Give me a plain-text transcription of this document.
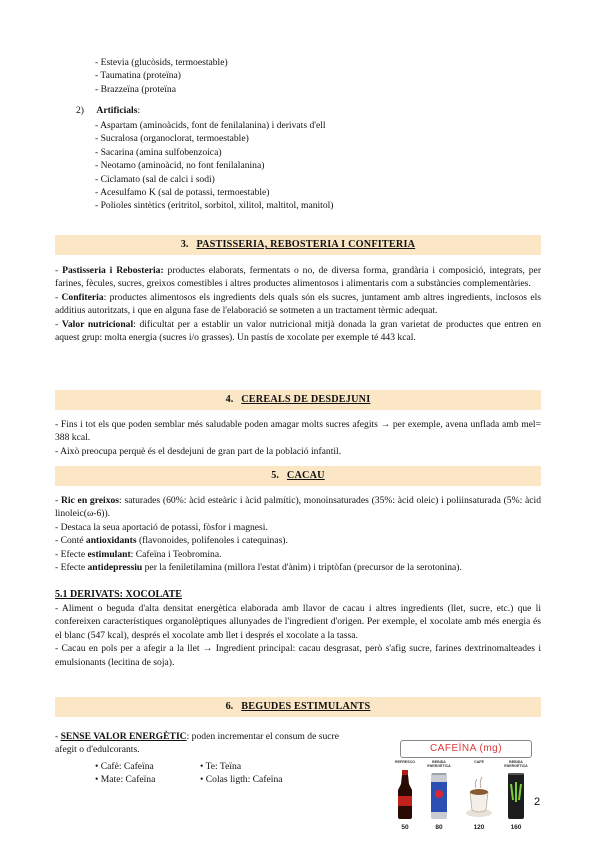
- Estevia (glucòsids, termoestable)
- Taumatina (proteïna)
- Brazzeïna (proteïna
2) Artificials:
- Aspartam (aminoàcids, font de fenilalanina) i derivats d'ell
- Sucralosa (organoclorat, termoestable)
- Sacarina (amina sulfobenzoica)
- Neotamo (aminoàcid, no font fenilalanina)
- Ciclamato (sal de calci i sodi)
- Acesulfamo K (sal de potassi, termoestable)
- Polioles sintètics (eritritol, sorbitol, xilitol, maltitol, manitol)
3. PASTISSERIA, REBOSTERIA I CONFITERIA

- Pastisseria i Rebosteria: productes elaborats, fermentats o no, de diversa forma, grandària i composició, integrats, per farines, fècules, sucres, greixos comestibles i altres productes alimentosos i alimentaris com a substàncies complementàries.

- Confiteria: productes alimentosos els ingredients dels quals són els sucres, juntament amb altres ingredients, inclosos els additius autoritzats, i que en alguna fase de l'elaboració se sotmeten a un tractament tèrmic adequat.

- Valor nutricional: dificultat per a establir un valor nutricional mitjà donada la gran varietat de productes que entren en aquest grup: molta energia (sucres i/o grasses). Un pastís de xocolate per exemple té 443 kcal.

4. CEREALS DE DESDEJUNI

- Fins i tot els que poden semblar més saludable poden amagar molts sucres afegits → per exemple, avena unflada amb mel= 388 kcal.

- Això preocupa perquè és el desdejuni de gran part de la població infantil.

5. CACAU

- Ric en greixos: saturades (60%: àcid esteàric i àcid palmític), monoinsaturades (35%: àcid oleic) i poliinsaturada (5%: àcid linoleic(ω-6)).

- Destaca la seua aportació de potassi, fòsfor i magnesi.

- Conté antioxidants (flavonoides, polifenoles i catequinas).

- Efecte estimulant: Cafeïna i Teobromina.

- Efecte antidepressiu per la feniletilamina (millora l'estat d'ànim) i triptòfan (precursor de la serotonina).

5.1 DERIVATS: XOCOLATE

- Aliment o beguda d'alta densitat energètica elaborada amb llavor de cacau i altres ingredients (llet, sucre, etc.) que li confereixen característiques organolèptiques allunyades de l'ingredient d'origen. Per exemple, el xocolate amb més energia és el blanc (547 kcal), després el xocolate amb llet i després el xocolate a la tassa.

- Cacau en pols per a afegir a la llet → Ingredient principal: cacau desgrasat, però s'afig sucre, farines dextrinomalteades i emulsionants (lecitina de soja).

6. BEGUDES ESTIMULANTS
- SENSE VALOR ENERGÈTIC: poden incrementar el consum de sucre afegit o d'edulcorants.
• Cafè: Cafeïna	• Te: Teïna
• Mate: Cafeïna	• Colas ligth: Cafeïna
CAFEÏNA (mg)
REFRESCO
50
BEBIDA ENERGÉTICA
80
CAFÉ
120
BEBIDA ENERGÉTICA
160
2
